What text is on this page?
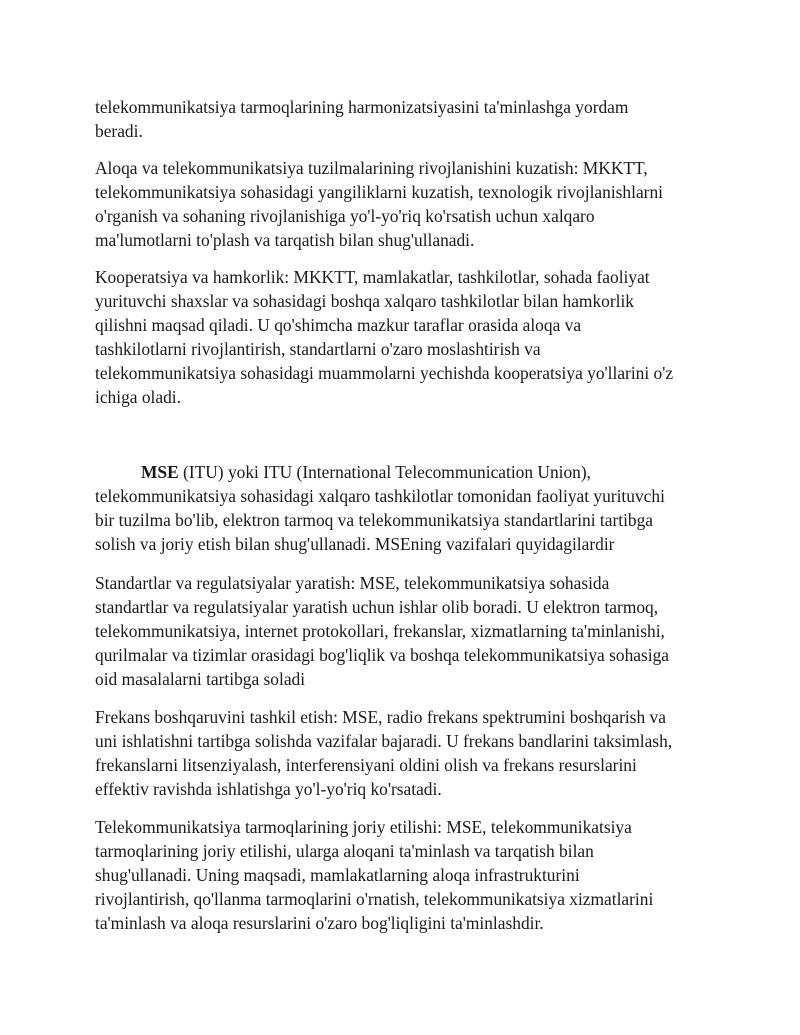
telekommunikatsiya tarmoqlarining harmonizatsiyasini ta'minlashga yordam
beradi.

Aloqa va telekommunikatsiya tuzilmalarining rivojlanishini kuzatish: MKKTT,
telekommunikatsiya sohasidagi yangiliklarni kuzatish, texnologik rivojlanishlarni
o'rganish va sohaning rivojlanishiga yo'l-yo'riq ko'rsatish uchun xalqaro
ma'lumotlarni to'plash va tarqatish bilan shug'ullanadi.

Kooperatsiya va hamkorlik: MKKTT, mamlakatlar, tashkilotlar, sohada faoliyat
yurituvchi shaxslar va sohasidagi boshqa xalqaro tashkilotlar bilan hamkorlik
qilishni maqsad qiladi. U qo'shimcha mazkur taraflar orasida aloqa va
tashkilotlarni rivojlantirish, standartlarni o'zaro moslashtirish va
telekommunikatsiya sohasidagi muammolarni yechishda kooperatsiya yo'llarini o'z
ichiga oladi.

MSE (ITU) yoki ITU (International Telecommunication Union),
telekommunikatsiya sohasidagi xalqaro tashkilotlar tomonidan faoliyat yurituvchi
bir tuzilma bo'lib, elektron tarmoq va telekommunikatsiya standartlarini tartibga
solish va joriy etish bilan shug'ullanadi. MSEning vazifalari quyidagilardir

Standartlar va regulatsiyalar yaratish: MSE, telekommunikatsiya sohasida
standartlar va regulatsiyalar yaratish uchun ishlar olib boradi. U elektron tarmoq,
telekommunikatsiya, internet protokollari, frekanslar, xizmatlarning ta'minlanishi,
qurilmalar va tizimlar orasidagi bog'liqlik va boshqa telekommunikatsiya sohasiga
oid masalalarni tartibga soladi

Frekans boshqaruvini tashkil etish: MSE, radio frekans spektrumini boshqarish va
uni ishlatishni tartibga solishda vazifalar bajaradi. U frekans bandlarini taksimlash,
frekanslarni litsenziyalash, interferensiyani oldini olish va frekans resurslarini
effektiv ravishda ishlatishga yo'l-yo'riq ko'rsatadi.

Telekommunikatsiya tarmoqlarining joriy etilishi: MSE, telekommunikatsiya
tarmoqlarining joriy etilishi, ularga aloqani ta'minlash va tarqatish bilan
shug'ullanadi. Uning maqsadi, mamlakatlarning aloqa infrastrukturini
rivojlantirish, qo'llanma tarmoqlarini o'rnatish, telekommunikatsiya xizmatlarini
ta'minlash va aloqa resurslarini o'zaro bog'liqligini ta'minlashdir.
